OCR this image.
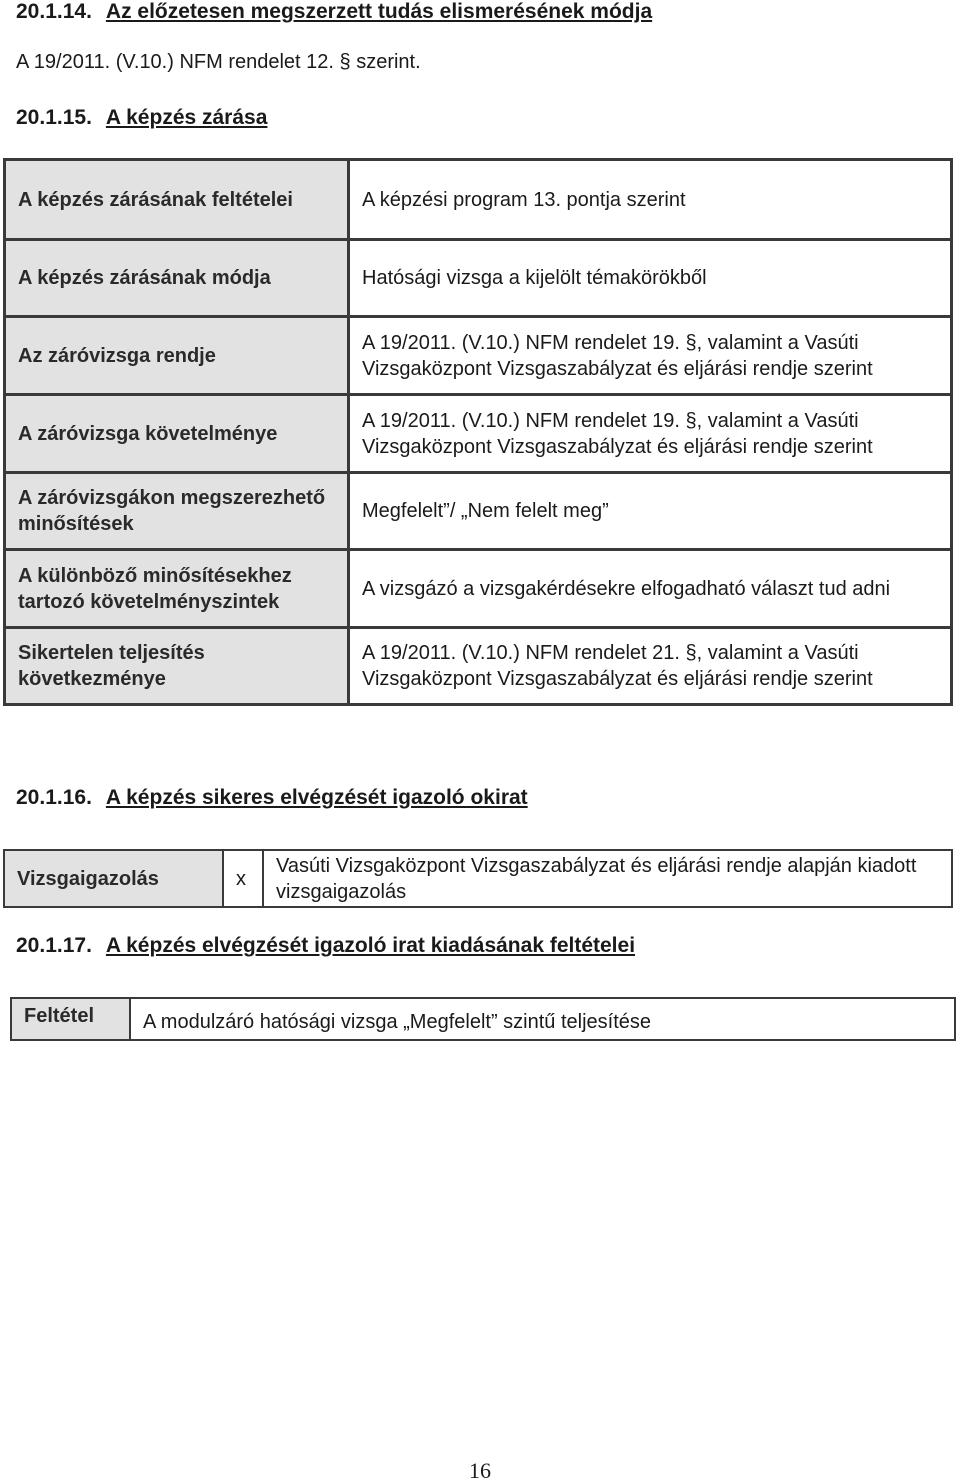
20.1.14. Az előzetesen megszerzett tudás elismerésének módja
A 19/2011. (V.10.) NFM rendelet 12. § szerint.
20.1.15. A képzés zárása
A képzés zárásának feltételei	A képzési program 13. pontja szerint
A képzés zárásának módja	Hatósági vizsga a kijelölt témakörökből
Az záróvizsga rendje	A 19/2011. (V.10.) NFM rendelet 19. §, valamint a Vasúti Vizsgaközpont Vizsgaszabályzat és eljárási rendje szerint
A záróvizsga követelménye	A 19/2011. (V.10.) NFM rendelet 19. §, valamint a Vasúti Vizsgaközpont Vizsgaszabályzat és eljárási rendje szerint
A záróvizsgákon megszerezhető minősítések	Megfelelt”/ „Nem felelt meg”
A különböző minősítésekhez tartozó követelményszintek	A vizsgázó a vizsgakérdésekre elfogadható választ tud adni
Sikertelen teljesítés következménye	A 19/2011. (V.10.) NFM rendelet 21. §, valamint a Vasúti Vizsgaközpont Vizsgaszabályzat és eljárási rendje szerint
20.1.16. A képzés sikeres elvégzését igazoló okirat
Vizsgaigazolás	x	Vasúti Vizsgaközpont Vizsgaszabályzat és eljárási rendje alapján kiadott vizsgaigazolás
20.1.17. A képzés elvégzését igazoló irat kiadásának feltételei
Feltétel	A modulzáró hatósági vizsga „Megfelelt” szintű teljesítése
16
